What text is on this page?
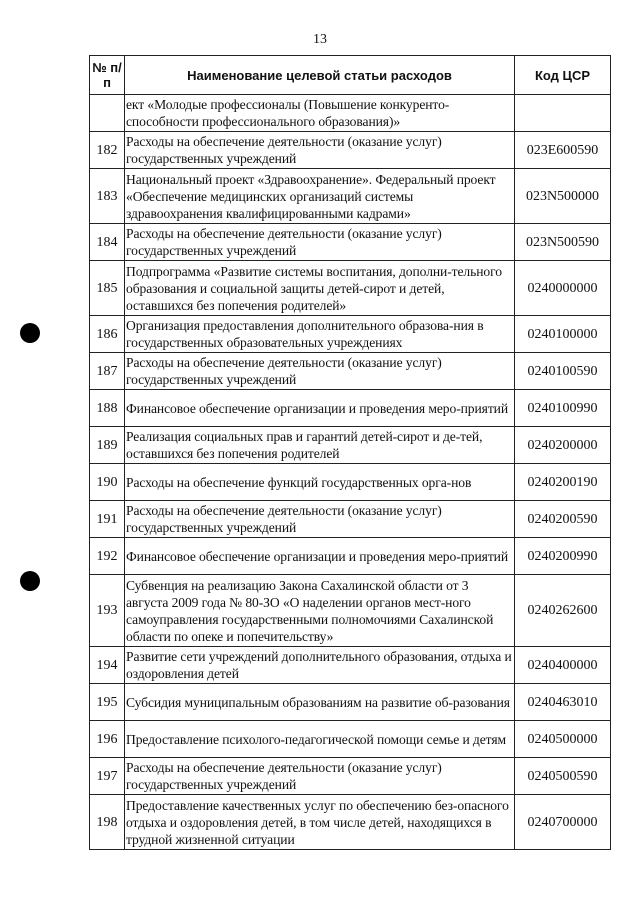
13
№ п/п	Наименование целевой статьи расходов	Код ЦСР
	ект «Молодые профессионалы (Повышение конкуренто-способности профессионального образования)»	
182	Расходы на обеспечение деятельности (оказание услуг) государственных учреждений	023Е600590
183	Национальный проект «Здравоохранение». Федеральный проект «Обеспечение медицинских организаций системы здравоохранения квалифицированными кадрами»	023N500000
184	Расходы на обеспечение деятельности (оказание услуг) государственных учреждений	023N500590
185	Подпрограмма «Развитие системы воспитания, дополни-тельного образования и социальной защиты детей-сирот и детей, оставшихся без попечения родителей»	0240000000
186	Организация предоставления дополнительного образова-ния в государственных образовательных учреждениях	0240100000
187	Расходы на обеспечение деятельности (оказание услуг) государственных учреждений	0240100590
188	Финансовое обеспечение организации и проведения меро-приятий	0240100990
189	Реализация социальных прав и гарантий детей-сирот и де-тей, оставшихся без попечения родителей	0240200000
190	Расходы на обеспечение функций государственных орга-нов	0240200190
191	Расходы на обеспечение деятельности (оказание услуг) государственных учреждений	0240200590
192	Финансовое обеспечение организации и проведения меро-приятий	0240200990
193	Субвенция на реализацию Закона Сахалинской области от 3 августа 2009 года № 80-ЗО «О наделении органов мест-ного самоуправления государственными полномочиями Сахалинской области по опеке и попечительству»	0240262600
194	Развитие сети учреждений дополнительного образования, отдыха и оздоровления детей	0240400000
195	Субсидия муниципальным образованиям на развитие об-разования	0240463010
196	Предоставление психолого-педагогической помощи семье и детям	0240500000
197	Расходы на обеспечение деятельности (оказание услуг) государственных учреждений	0240500590
198	Предоставление качественных услуг по обеспечению без-опасного отдыха и оздоровления детей, в том числе детей, находящихся в трудной жизненной ситуации	0240700000
